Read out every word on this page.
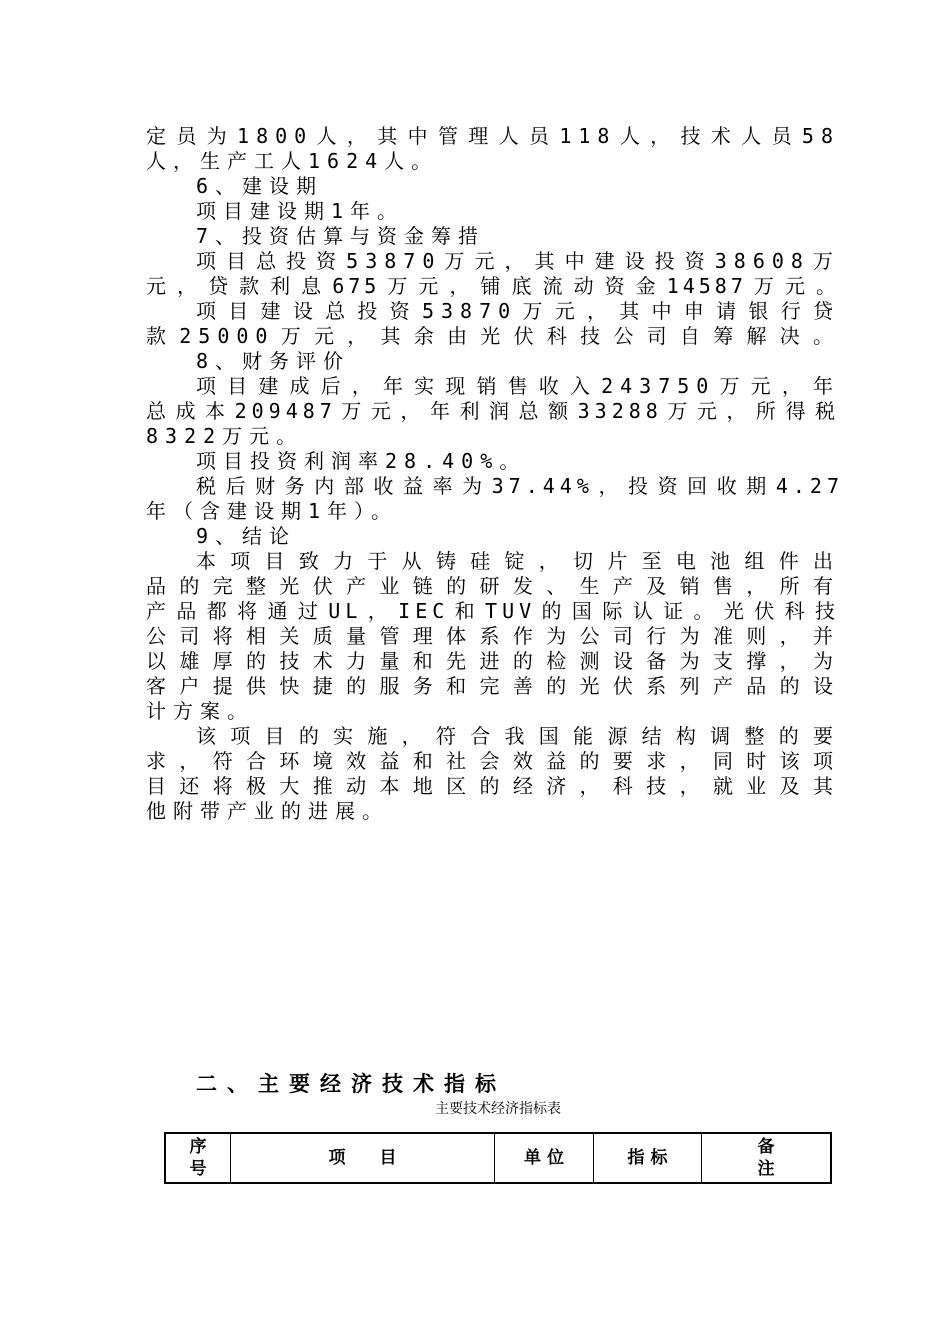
定员为1800人，其中管理人员118人，技术人员58
人，生产工人1624人。
6、建设期
项目建设期1年。
7、投资估算与资金筹措
项目总投资53870万元，其中建设投资38608万
元，贷款利息675万元，铺底流动资金14587万元。
项目建设总投资53870万元，其中申请银行贷
款25000万元，其余由光伏科技公司自筹解决。
8、财务评价
项目建成后，年实现销售收入243750万元，年
总成本209487万元，年利润总额33288万元，所得税
8322万元。
项目投资利润率28.40%。
税后财务内部收益率为37.44%，投资回收期4.27
年（含建设期1年）。
9、结论
本项目致力于从铸硅锭，切片至电池组件出
品的完整光伏产业链的研发、生产及销售，所有
产品都将通过UL，IEC和TUV的国际认证。光伏科技
公司将相关质量管理体系作为公司行为准则，并
以雄厚的技术力量和先进的检测设备为支撑，为
客户提供快捷的服务和完善的光伏系列产品的设
计方案。
该项目的实施，符合我国能源结构调整的要
求，符合环境效益和社会效益的要求，同时该项
目还将极大推动本地区的经济，科技，就业及其
他附带产业的进展。
二、主要经济技术指标
主要技术经济指标表
序号
项　　目	单 位	指 标
备注
